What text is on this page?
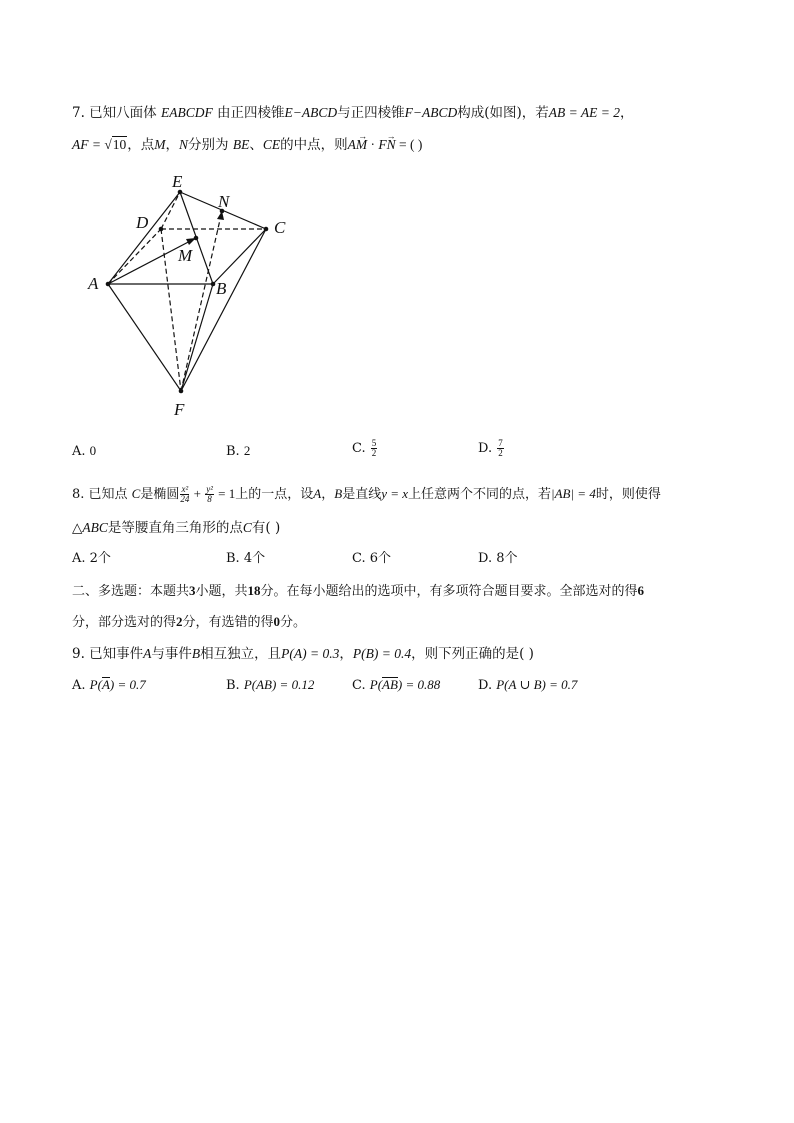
7. 已知八面体 EABCDF 由正四棱锥E−ABCD与正四棱锥F−ABCD构成(如图)，若AB = AE = 2，
AF = √10，点M，N分别为 BE、CE的中点，则→ AM · → FN = ( )
E
N
D	C
M
A	B
F
A. 0	B. 2	C. $\frac{5}{2}$	D. $\frac{7}{2}$
8. 已知点 C是椭圆 $\frac{\text{x²}}{24} + \frac{\text{y²}}{8} = 1$上的一点，设A，B是直线y = x上任意两个不同的点，若|AB| = 4时，则使得
△ABC是等腰直角三角形的点C有( )
A. 2个	B. 4个	C. 6个	D. 8个
二、多选题：本题共3小题，共18分。在每小题给出的选项中，有多项符合题目要求。全部选对的得6
分，部分选对的得2分，有选错的得0分。
9. 已知事件A与事件B相互独立，且P(A) = 0.3，P(B) = 0.4，则下列正确的是( )
A. P(A) = 0.7	B. P(AB) = 0.12	C. P(AB) = 0.88	D. P(A ∪ B) = 0.7
